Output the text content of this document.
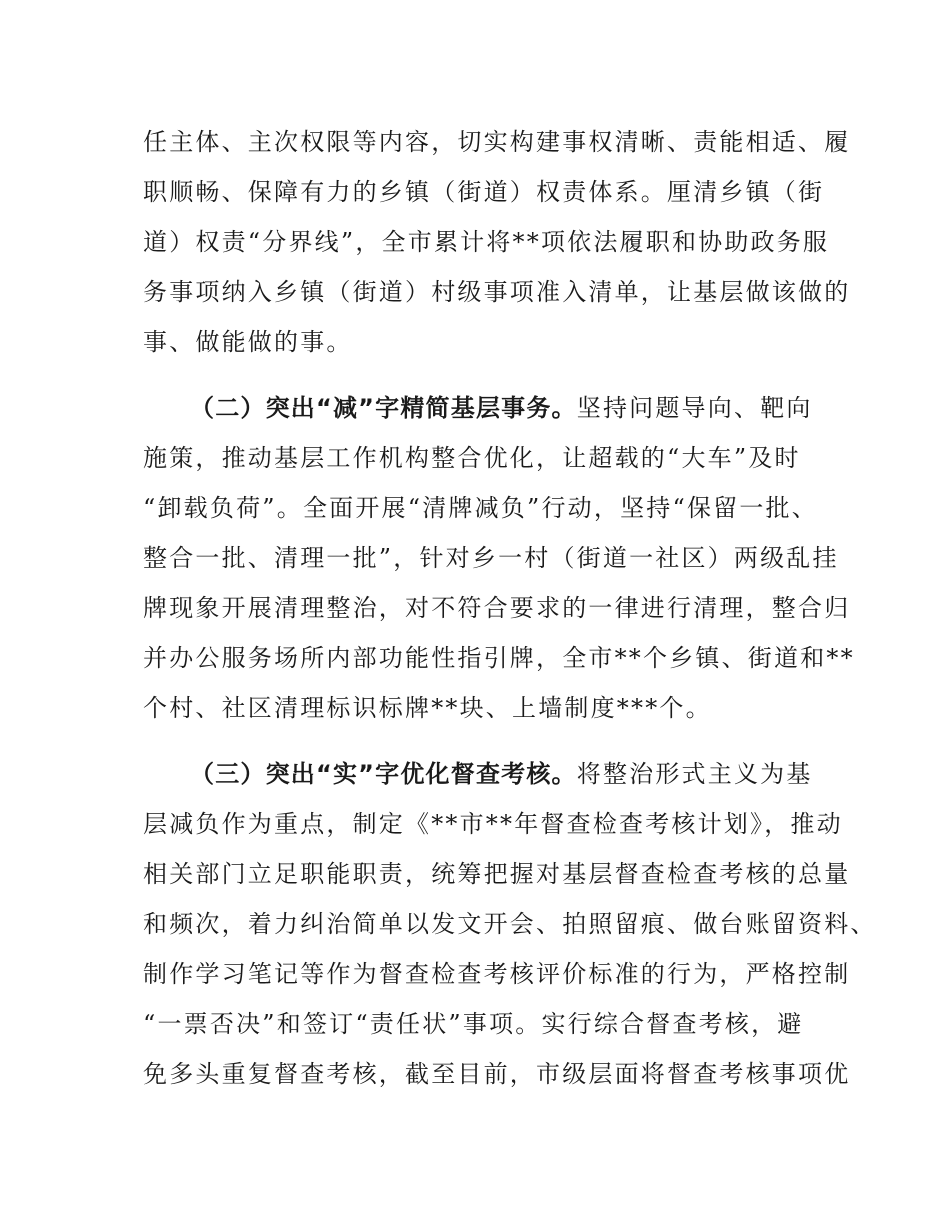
任主体、主次权限等内容，切实构建事权清晰、责能相适、履
职顺畅、保障有力的乡镇（街道）权责体系。厘清乡镇（街
道）权责“分界线”，全市累计将**项依法履职和协助政务服
务事项纳入乡镇（街道）村级事项准入清单，让基层做该做的
事、做能做的事。
（二）突出“减”字精简基层事务。坚持问题导向、靶向
施策，推动基层工作机构整合优化，让超载的“大车”及时
“卸载负荷”。全面开展“清牌减负”行动，坚持“保留一批、
整合一批、清理一批”，针对乡一村（街道一社区）两级乱挂
牌现象开展清理整治，对不符合要求的一律进行清理，整合归
并办公服务场所内部功能性指引牌，全市**个乡镇、街道和**
个村、社区清理标识标牌**块、上墙制度***个。
（三）突出“实”字优化督查考核。将整治形式主义为基
层减负作为重点，制定《**市**年督查检查考核计划》，推动
相关部门立足职能职责，统筹把握对基层督查检查考核的总量
和频次，着力纠治简单以发文开会、拍照留痕、做台账留资料、
制作学习笔记等作为督查检查考核评价标准的行为，严格控制
“一票否决”和签订“责任状”事项。实行综合督查考核，避
免多头重复督查考核，截至目前，市级层面将督查考核事项优
